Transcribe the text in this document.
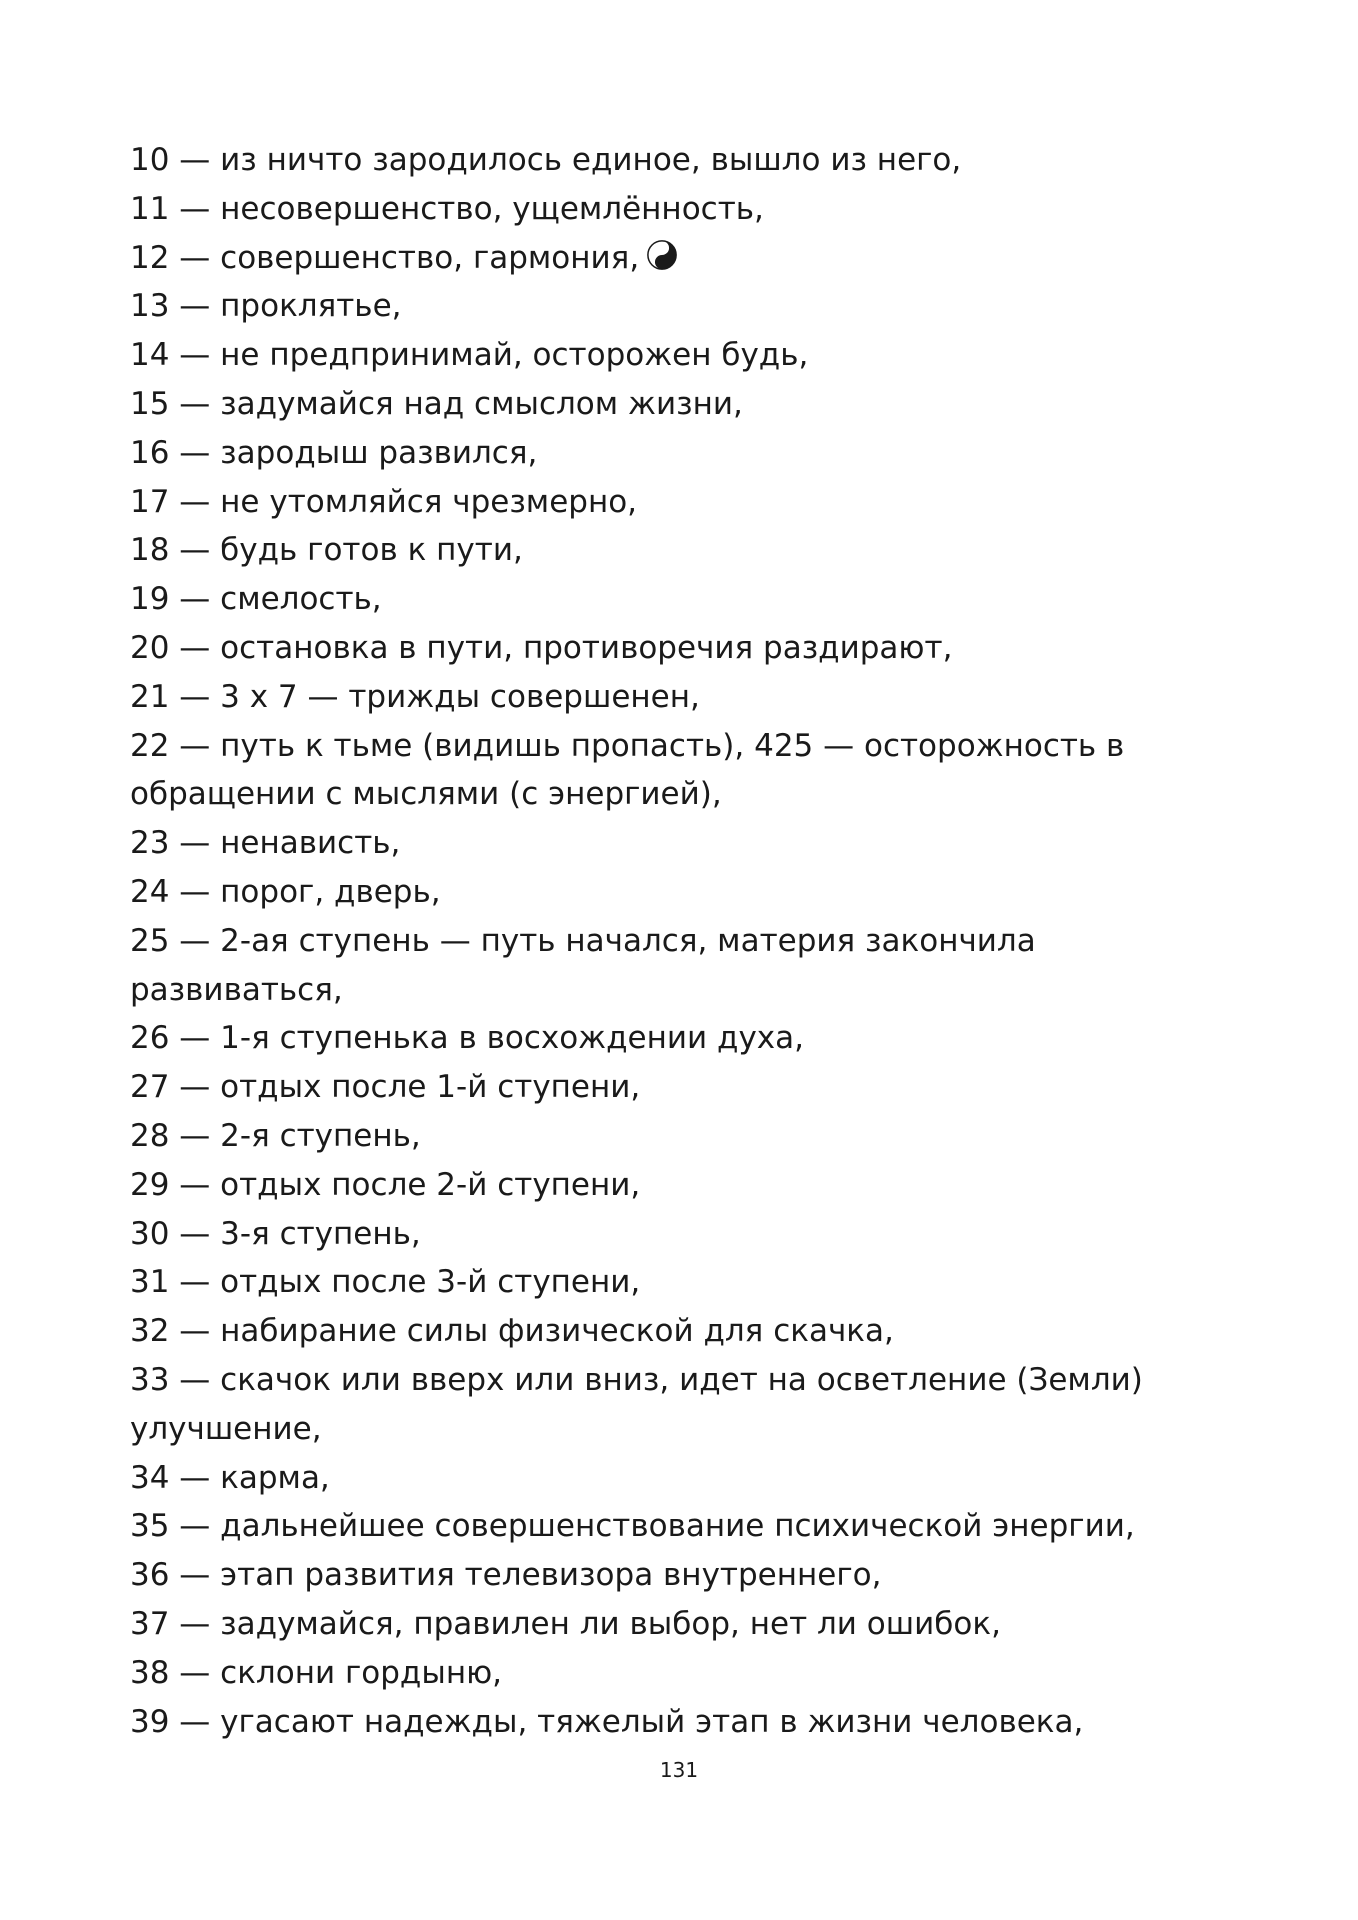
10 — из ничто зародилось единое, вышло из него,
11 — несовершенство, ущемлённость,
12 — совершенство, гармония,
13 — проклятье,
14 — не предпринимай, осторожен будь,
15 — задумайся над смыслом жизни,
16 — зародыш развился,
17 — не утомляйся чрезмерно,
18 — будь готов к пути,
19 — смелость,
20 — остановка в пути, противоречия раздирают,
21 — 3 х 7 — трижды совершенен,
22 — путь к тьме (видишь пропасть), 425 — осторожность в
обращении с мыслями (с энергией),
23 — ненависть,
24 — порог, дверь,
25 — 2-ая ступень — путь начался, материя закончила
развиваться,
26 — 1-я ступенька в восхождении духа,
27 — отдых после 1-й ступени,
28 — 2-я ступень,
29 — отдых после 2-й ступени,
30 — 3-я ступень,
31 — отдых после 3-й ступени,
32 — набирание силы физической для скачка,
33 — скачок или вверх или вниз, идет на осветление (Земли)
улучшение,
34 — карма,
35 — дальнейшее совершенствование психической энергии,
36 — этап развития телевизора внутреннего,
37 — задумайся, правилен ли выбор, нет ли ошибок,
38 — склони гордыню,
39 — угасают надежды, тяжелый этап в жизни человека,
131
